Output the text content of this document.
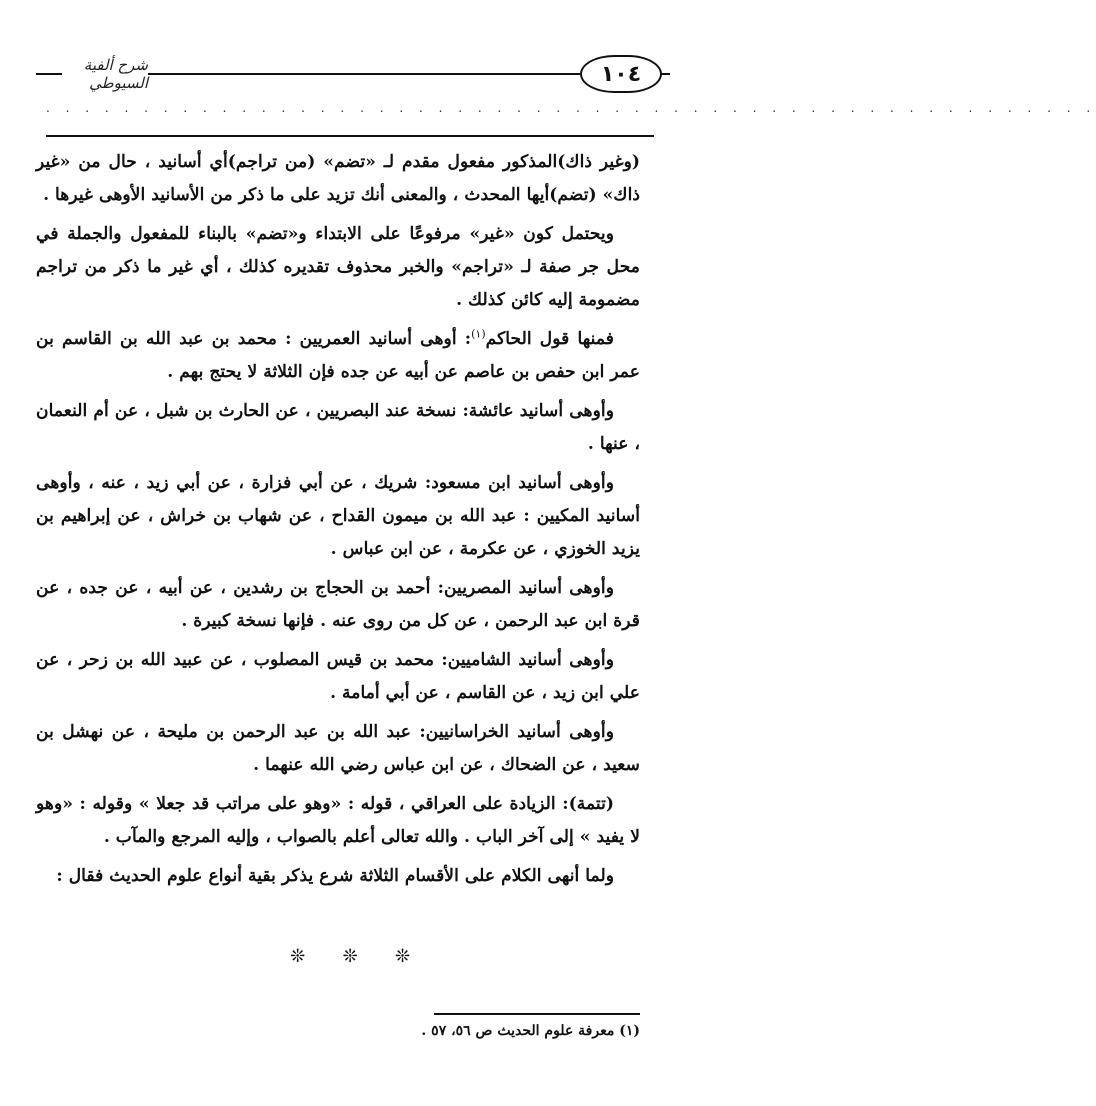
شرح ألفية السيوطي	١٠٤
. . . . . . . . . . . . . . . . . . . . . . . . . . . . . . . . . . . . . . . . . . . . . . . . . . . . . .

(وغير ذاك)المذكور مفعول مقدم لـ «تضم» (من تراجم)أي أسانيد ، حال من «غير ذاك» (تضم)أيها المحدث ، والمعنى أنك تزيد على ما ذكر من الأسانيد الأوهى غيرها .

ويحتمل كون «غير» مرفوعًا على الابتداء و«تضم» بالبناء للمفعول والجملة في محل جر صفة لـ «تراجم» والخبر محذوف تقديره كذلك ، أي غير ما ذكر من تراجم مضمومة إليه كائن كذلك .

فمنها قول الحاكم$^{(١)}$: أوهى أسانيد العمريين : محمد بن عبد الله بن القاسم بن عمر ابن حفص بن عاصم عن أبيه عن جده فإن الثلاثة لا يحتج بهم .

وأوهى أسانيد عائشة: نسخة عند البصريين ، عن الحارث بن شبل ، عن أم النعمان ، عنها .

وأوهى أسانيد ابن مسعود: شريك ، عن أبي فزارة ، عن أبي زيد ، عنه ، وأوهى أسانيد المكيين : عبد الله بن ميمون القداح ، عن شهاب بن خراش ، عن إبراهيم بن يزيد الخوزي ، عن عكرمة ، عن ابن عباس .

وأوهى أسانيد المصريين: أحمد بن الحجاج بن رشدين ، عن أبيه ، عن جده ، عن قرة ابن عبد الرحمن ، عن كل من روى عنه . فإنها نسخة كبيرة .

وأوهى أسانيد الشاميين: محمد بن قيس المصلوب ، عن عبيد الله بن زحر ، عن علي ابن زيد ، عن القاسم ، عن أبي أمامة .

وأوهى أسانيد الخراسانيين: عبد الله بن عبد الرحمن بن مليحة ، عن نهشل بن سعيد ، عن الضحاك ، عن ابن عباس رضي الله عنهما .

(تتمة): الزيادة على العراقي ، قوله : «وهو على مراتب قد جعلا » وقوله : «وهو لا يفيد » إلى آخر الباب . والله تعالى أعلم بالصواب ، وإليه المرجع والمآب .

ولما أنهى الكلام على الأقسام الثلاثة شرع يذكر بقية أنواع علوم الحديث فقال :

❊ ❊ ❊
(١) معرفة علوم الحديث ص ٥٦، ٥٧ .
